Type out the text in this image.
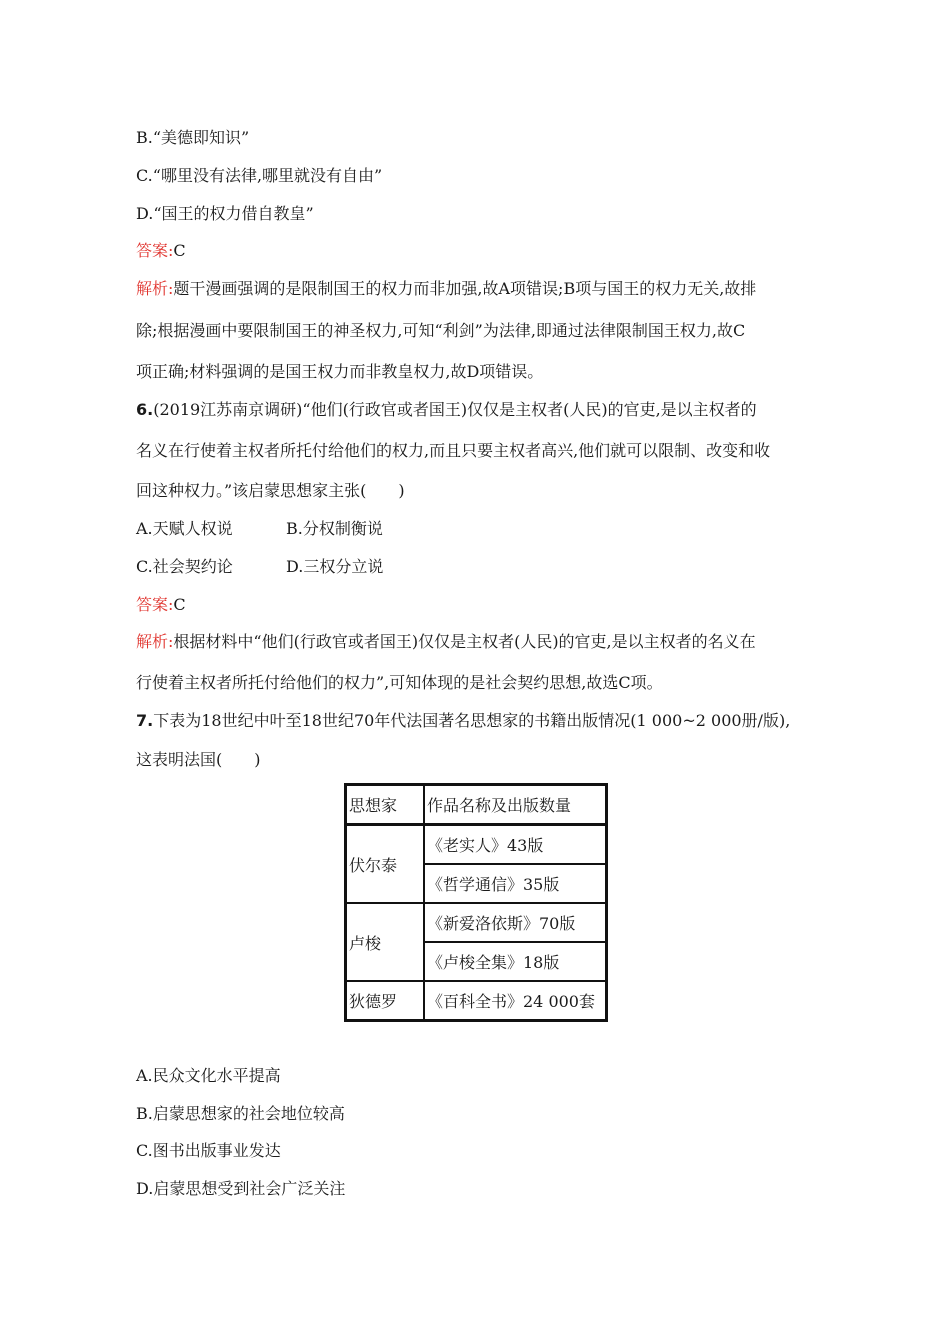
B.“美德即知识”
C.“哪里没有法律,哪里就没有自由”
D.“国王的权力借自教皇”
答案:C
解析:题干漫画强调的是限制国王的权力而非加强,故A项错误;B项与国王的权力无关,故排
除;根据漫画中要限制国王的神圣权力,可知“利剑”为法律,即通过法律限制国王权力,故C
项正确;材料强调的是国王权力而非教皇权力,故D项错误。
6.(2019江苏南京调研)“他们(行政官或者国王)仅仅是主权者(人民)的官吏,是以主权者的
名义在行使着主权者所托付给他们的权力,而且只要主权者高兴,他们就可以限制、改变和收
回这种权力。”该启蒙思想家主张(　　)
A.天赋人权说	B.分权制衡说
C.社会契约论	D.三权分立说
答案:C
解析:根据材料中“他们(行政官或者国王)仅仅是主权者(人民)的官吏,是以主权者的名义在
行使着主权者所托付给他们的权力”,可知体现的是社会契约思想,故选C项。
7.下表为18世纪中叶至18世纪70年代法国著名思想家的书籍出版情况(1 000~2 000册/版),
这表明法国(　　)
思想家	作品名称及出版数量
伏尔泰	《老实人》43版
	《哲学通信》35版
卢梭	《新爱洛依斯》70版
	《卢梭全集》18版
狄德罗	《百科全书》24 000套
A.民众文化水平提高
B.启蒙思想家的社会地位较高
C.图书出版事业发达
D.启蒙思想受到社会广泛关注
